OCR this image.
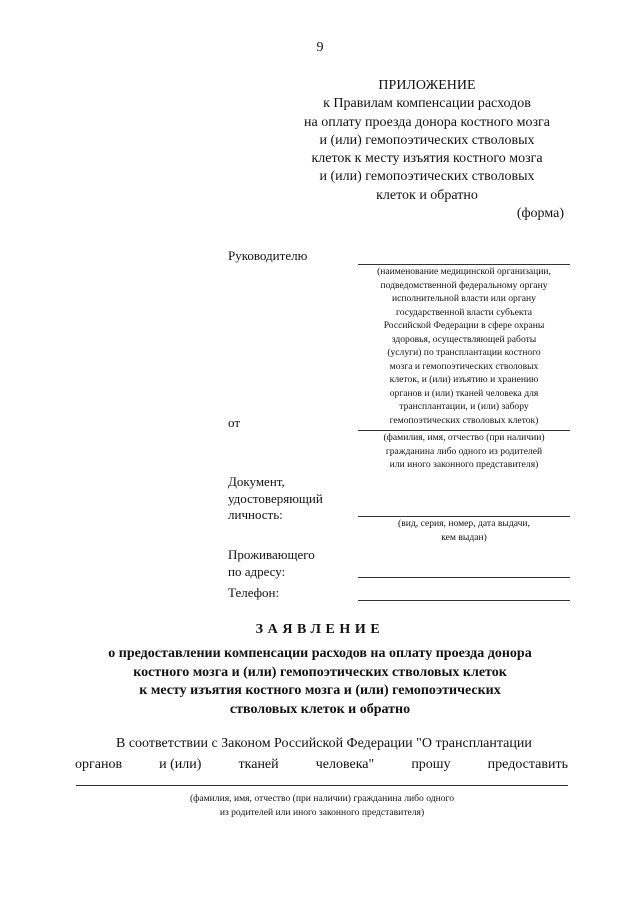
9
ПРИЛОЖЕНИЕ
к Правилам компенсации расходов
на оплату проезда донора костного мозга
и (или) гемопоэтических стволовых
клеток к месту изъятия костного мозга
и (или) гемопоэтических стволовых
клеток и обратно
(форма)
Руководителю
(наименование медицинской организации,
подведомственной федеральному органу
исполнительной власти или органу
государственной власти субъекта
Российской Федерации в сфере охраны
здоровья, осуществляющей работы
(услуги) по трансплантации костного
мозга и гемопоэтических стволовых
клеток, и (или) изъятию и хранению
органов и (или) тканей человека для
трансплантации, и (или) забору
гемопоэтических стволовых клеток)
от
(фамилия, имя, отчество (при наличии)
гражданина либо одного из родителей
или иного законного представителя)
Документ,
удостоверяющий
личность:
(вид, серия, номер, дата выдачи,
кем выдан)
Проживающего
по адресу:
Телефон:
ЗАЯВЛЕНИЕ
о предоставлении компенсации расходов на оплату проезда донора
костного мозга и (или) гемопоэтических стволовых клеток
к месту изъятия костного мозга и (или) гемопоэтических
стволовых клеток и обратно
В соответствии с Законом Российской Федерации "О трансплантации
органов	и (или)	тканей	человека"	прошу	предоставить
(фамилия, имя, отчество (при наличии) гражданина либо одного
из родителей или иного законного представителя)
